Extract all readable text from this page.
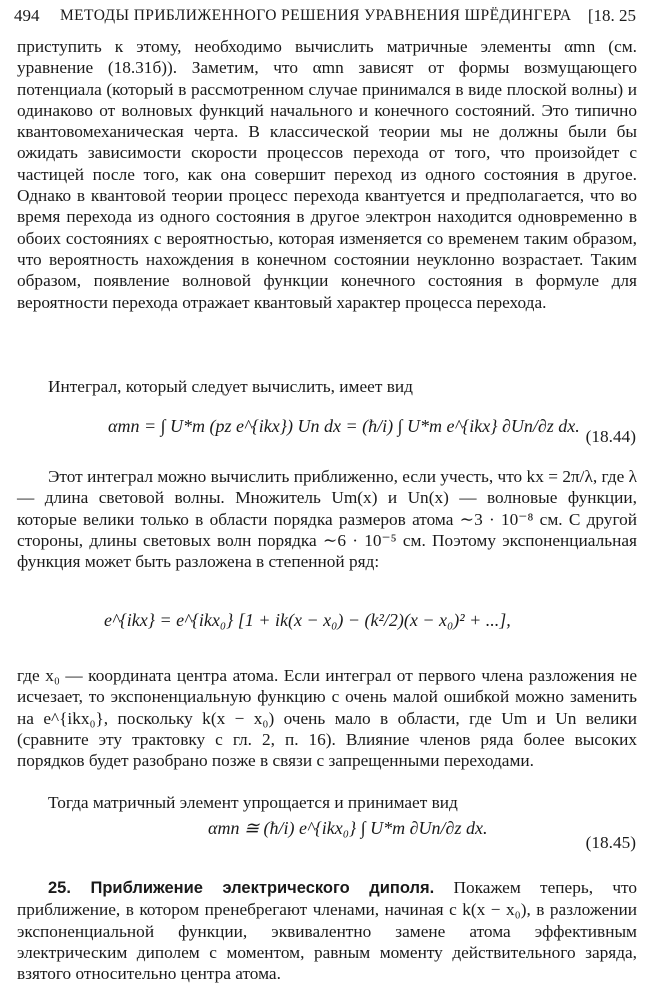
494 МЕТОДЫ ПРИБЛИЖЕННОГО РЕШЕНИЯ УРАВНЕНИЯ ШРЁДИНГЕРА [18. 25
приступить к этому, необходимо вычислить матричные элементы αmn (см. уравнение (18.31б)). Заметим, что αmn зависят от формы возмущающего потенциала (который в рассмотренном случае принимался в виде плоской волны) и одинаково от волновых функций начального и конечного состояний. Это типично квантовомеханическая черта. В классической теории мы не должны были бы ожидать зависимости скорости процессов перехода от того, что произойдет с частицей после того, как она совершит переход из одного состояния в другое. Однако в квантовой теории процесс перехода квантуется и предполагается, что во время перехода из одного состояния в другое электрон находится одновременно в обоих состояниях с вероятностью, которая изменяется со временем таким образом, что вероятность нахождения в конечном состоянии неуклонно возрастает. Таким образом, появление волновой функции конечного состояния в формуле для вероятности перехода отражает квантовый характер процесса перехода.
Интеграл, который следует вычислить, имеет вид
αmn = ∫ U*m (pz e^{ikx}) Un dx = (ħ/i) ∫ U*m e^{ikx} ∂Un/∂z dx.
(18.44)
Этот интеграл можно вычислить приближенно, если учесть, что kx = 2π/λ, где λ — длина световой волны. Множитель Um(x) и Un(x) — волновые функции, которые велики только в области порядка размеров атома ∼3 · 10⁻⁸ см. С другой стороны, длины световых волн порядка ∼6 · 10⁻⁵ см. Поэтому экспоненциальная функция может быть разложена в степенной ряд:
e^{ikx} = e^{ikx₀} [1 + ik(x − x₀) − (k²/2)(x − x₀)² + ...],
где x₀ — координата центра атома. Если интеграл от первого члена разложения не исчезает, то экспоненциальную функцию с очень малой ошибкой можно заменить на e^{ikx₀}, поскольку k(x − x₀) очень мало в области, где Um и Un велики (сравните эту трактовку с гл. 2, п. 16). Влияние членов ряда более высоких порядков будет разобрано позже в связи с запрещенными переходами.
Тогда матричный элемент упрощается и принимает вид
αmn ≅ (ħ/i) e^{ikx₀} ∫ U*m ∂Un/∂z dx.
(18.45)
25. Приближение электрического диполя. Покажем теперь, что приближение, в котором пренебрегают членами, начиная с k(x − x₀), в разложении экспоненциальной функции, эквивалентно замене атома эффективным электрическим диполем с моментом, равным моменту действительного заряда, взятого относительно центра атома.
